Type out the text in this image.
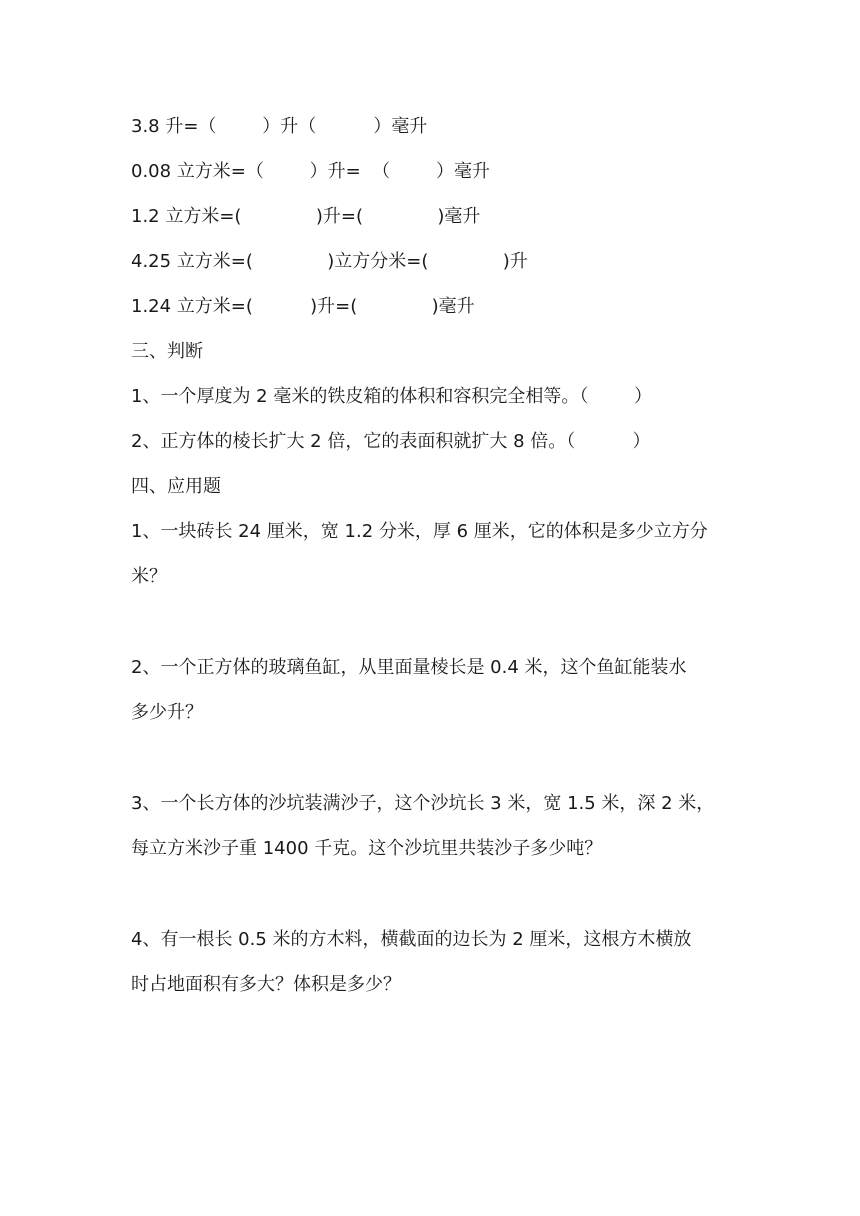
3.8 升=（        ）升（          ）毫升
0.08 立方米=（        ）升=  （        ）毫升
1.2 立方米=(             )升=(             )毫升
4.25 立方米=(             )立方分米=(             )升
1.24 立方米=(          )升=(             )毫升
三、判断
1、一个厚度为 2 毫米的铁皮箱的体积和容积完全相等。（        ）
2、正方体的棱长扩大 2 倍，它的表面积就扩大 8 倍。（          ）
四、应用题
1、一块砖长 24 厘米，宽 1.2 分米，厚 6 厘米，它的体积是多少立方分
米？
2、一个正方体的玻璃鱼缸，从里面量棱长是 0.4 米，这个鱼缸能装水
多少升？
3、一个长方体的沙坑装满沙子，这个沙坑长 3 米，宽 1.5 米，深 2 米，
每立方米沙子重 1400 千克。这个沙坑里共装沙子多少吨？
4、有一根长 0.5 米的方木料，横截面的边长为 2 厘米，这根方木横放
时占地面积有多大？体积是多少？
